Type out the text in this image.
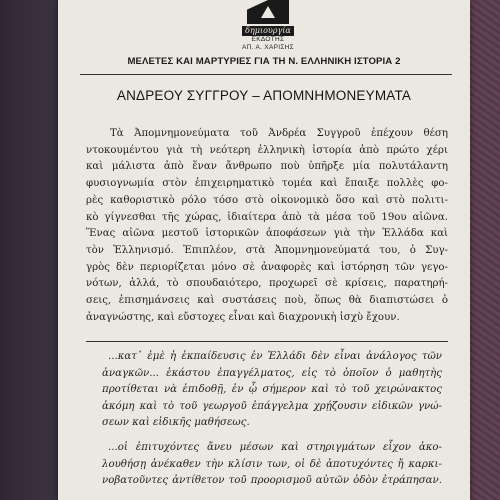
δημιουργία
ΕΚΔΟΤΗΣ
ΑΠ. Α. ΧΑΡΙΣΗΣ
ΜΕΛΕΤΕΣ ΚΑΙ ΜΑΡΤΥΡΙΕΣ ΓΙΑ ΤΗ Ν. ΕΛΛΗΝΙΚΗ ΙΣΤΟΡΙΑ 2
ΑΝΔΡΕΟΥ ΣΥΓΓΡΟΥ – ΑΠΟΜΝΗΜΟΝΕΥΜΑΤΑ
Τὰ Ἀπομνημονεύματα τοῦ Ἀνδρέα Συγγροῦ ἐπέχουν θέση
ντοκουμέντου γιὰ τὴ νεότερη ἑλληνικὴ ἱστορία ἀπὸ πρώτο χέρι
καὶ μάλιστα ἀπὸ ἕναν ἄνθρωπο ποὺ ὑπῆρξε μία πολυτάλαντη
φυσιογνωμία στὸν ἐπιχειρηματικὸ τομέα καὶ ἔπαιξε πολλὲς φο-
ρὲς καθοριστικὸ ρόλο τόσο στὸ οἰκονομικὸ ὅσο καὶ στὸ πολιτι-
κὸ γίγνεσθαι τῆς χώρας, ἰδιαίτερα ἀπὸ τὰ μέσα τοῦ 19ου αἰῶνα.
Ἕνας αἰῶνα μεστοῦ ἱστορικῶν ἀποφάσεων γιὰ τὴν Ἑλλάδα καὶ
τὸν Ἑλληνισμό. Ἐπιπλέον, στὰ Ἀπομνημονεύματά του, ὁ Συγ-
γρὸς δὲν περιορίζεται μόνο σὲ ἀναφορὲς καὶ ἱστόρηση τῶν γεγο-
νότων, ἀλλά, τὸ σπουδαιότερο, προχωρεῖ σὲ κρίσεις, παρατηρή-
σεις, ἐπισημάνσεις καὶ συστάσεις ποὺ, ὅπως θὰ διαπιστώσει ὁ
ἀναγνώστης, καὶ εὔστοχες εἶναι καὶ διαχρονικὴ ἰσχὺ ἔχουν.
...κατ᾽ ἐμὲ ἡ ἐκπαίδευσις ἐν Ἑλλάδι δὲν εἶναι ἀνάλογος τῶν
ἀναγκῶν... ἑκάστου ἐπαγγέλματος, εἰς τὸ ὁποῖον ὁ μαθητὴς
προτίθεται νὰ ἐπιδοθῇ, ἐν ᾧ σήμερον καὶ τὸ τοῦ χειρώνακτος
ἀκόμη καὶ τὸ τοῦ γεωργοῦ ἐπάγγελμα χρῄζουσιν εἰδικῶν γνώ-
σεων καὶ εἰδικῆς μαθήσεως.
...οἱ ἐπιτυχόντες ἄνευ μέσων καὶ στηριγμάτων εἶχον ἀκο-
λουθήσῃ ἀνέκαθεν τὴν κλίσιν των, οἱ δὲ ἀποτυχόντες ἤ καρκι-
νοβατοῦντες ἀντίθετον τοῦ προορισμοῦ αὐτῶν ὁδὸν ἐτράπησαν.
